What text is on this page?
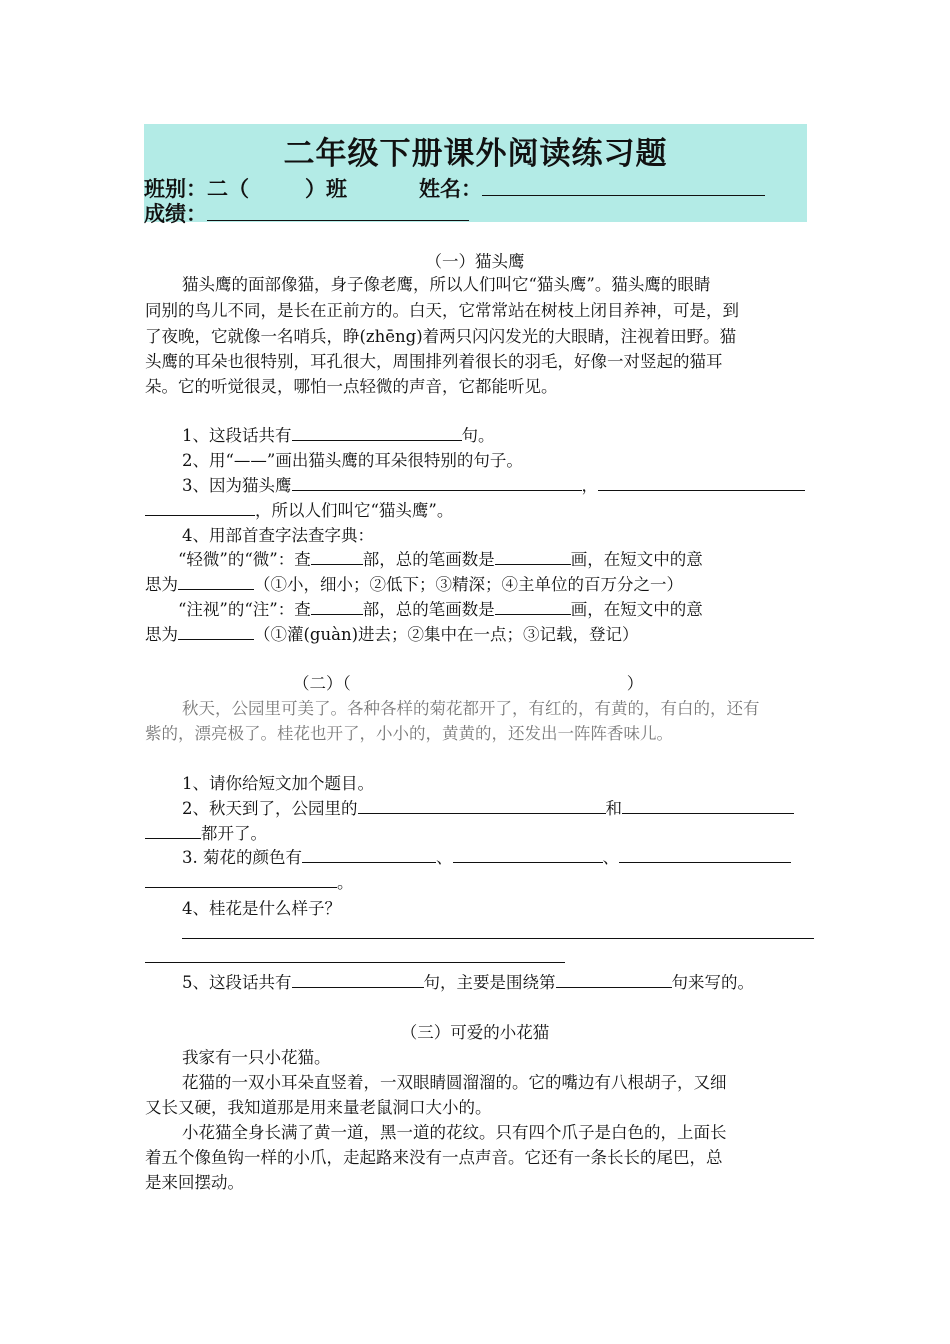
二年级下册课外阅读练习题
班别：二（	）班	姓名：
成绩：
（一）猫头鹰
猫头鹰的面部像猫，身子像老鹰，所以人们叫它“猫头鹰”。猫头鹰的眼睛
同别的鸟儿不同，是长在正前方的。白天，它常常站在树枝上闭目养神，可是，到
了夜晚，它就像一名哨兵，睁(zhēng)着两只闪闪发光的大眼睛，注视着田野。猫
头鹰的耳朵也很特别，耳孔很大，周围排列着很长的羽毛，好像一对竖起的猫耳
朵。它的听觉很灵，哪怕一点轻微的声音，它都能听见。
1、这段话共有	句。
2、用“——”画出猫头鹰的耳朵很特别的句子。
3、因为猫头鹰	，
，所以人们叫它“猫头鹰”。
4、用部首查字法查字典：
“轻微”的“微”：查	部，总的笔画数是	画，在短文中的意
思为	（①小，细小；②低下；③精深；④主单位的百万分之一）
“注视”的“注”：查	部，总的笔画数是	画，在短文中的意
思为	（①灌(guàn)进去；②集中在一点；③记载，登记）
（二）（	）
秋天，公园里可美了。各种各样的菊花都开了，有红的，有黄的，有白的，还有
紫的，漂亮极了。桂花也开了，小小的，黄黄的，还发出一阵阵香味儿。
1、请你给短文加个题目。
2、秋天到了，公园里的	和
都开了。
3. 菊花的颜色有	、	、
。
4、桂花是什么样子？
5、这段话共有	句，主要是围绕第	句来写的。
（三）可爱的小花猫
我家有一只小花猫。
花猫的一双小耳朵直竖着，一双眼睛圆溜溜的。它的嘴边有八根胡子，又细
又长又硬，我知道那是用来量老鼠洞口大小的。
小花猫全身长满了黄一道，黑一道的花纹。只有四个爪子是白色的，上面长
着五个像鱼钩一样的小爪，走起路来没有一点声音。它还有一条长长的尾巴，总
是来回摆动。
